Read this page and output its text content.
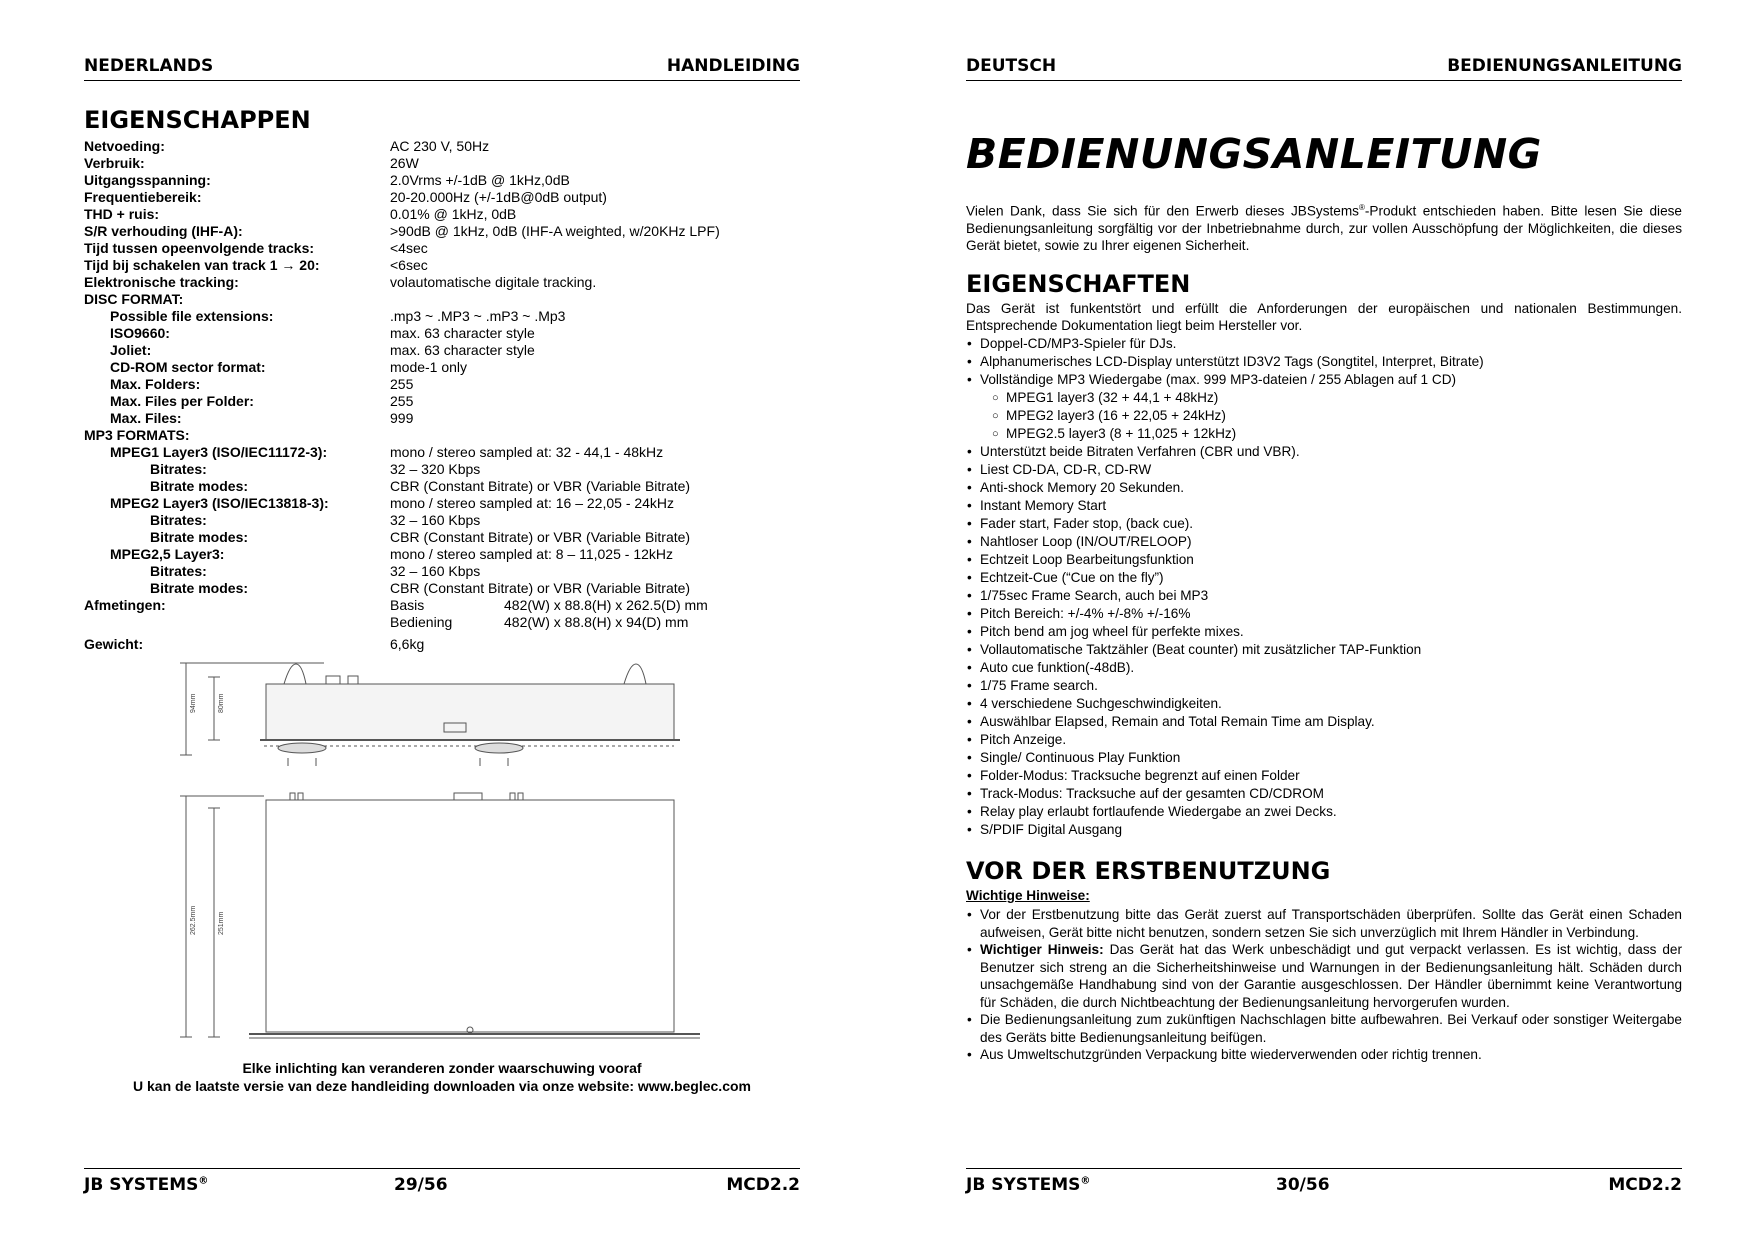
NEDERLANDS	HANDLEIDING
EIGENSCHAPPEN
Netvoeding:	AC 230 V, 50Hz
Verbruik:	26W
Uitgangsspanning:	2.0Vrms +/-1dB @ 1kHz,0dB
Frequentiebereik:	20-20.000Hz (+/-1dB@0dB output)
THD + ruis:	0.01% @ 1kHz, 0dB
S/R verhouding (IHF-A):	>90dB @ 1kHz, 0dB (IHF-A weighted, w/20KHz LPF)
Tijd tussen opeenvolgende tracks:	<4sec
Tijd bij schakelen van track 1 → 20:	<6sec
Elektronische tracking:	volautomatische digitale tracking.
DISC FORMAT:
Possible file extensions:	.mp3 ~ .MP3 ~ .mP3 ~ .Mp3
ISO9660:	max. 63 character style
Joliet:	max. 63 character style
CD-ROM sector format:	mode-1 only
Max. Folders:	255
Max. Files per Folder:	255
Max. Files:	999
MP3 FORMATS:
MPEG1 Layer3 (ISO/IEC11172-3):	mono / stereo sampled at: 32 - 44,1 - 48kHz
Bitrates:	32 – 320 Kbps
Bitrate modes:	CBR (Constant Bitrate) or VBR (Variable Bitrate)
MPEG2 Layer3 (ISO/IEC13818-3):	mono / stereo sampled at: 16 – 22,05 - 24kHz
Bitrates:	32 – 160 Kbps
Bitrate modes:	CBR (Constant Bitrate) or VBR (Variable Bitrate)
MPEG2,5 Layer3:	mono / stereo sampled at: 8 – 11,025 - 12kHz
Bitrates:	32 – 160 Kbps
Bitrate modes:	CBR (Constant Bitrate) or VBR (Variable Bitrate)
Afmetingen:	Basis	482(W) x 88.8(H) x 262.5(D) mm
Bediening	482(W) x 88.8(H) x 94(D) mm
Gewicht:	6,6kg
94mm	80mm
262.5mm	251mm
Elke inlichting kan veranderen zonder waarschuwing vooraf
U kan de laatste versie van deze handleiding downloaden via onze website: www.beglec.com
JB SYSTEMS®	29/56	MCD2.2
DEUTSCH	BEDIENUNGSANLEITUNG
BEDIENUNGSANLEITUNG
Vielen Dank, dass Sie sich für den Erwerb dieses JBSystems®-Produkt entschieden haben. Bitte lesen Sie diese Bedienungsanleitung sorgfältig vor der Inbetriebnahme durch, zur vollen Ausschöpfung der Möglichkeiten, die dieses Gerät bietet, sowie zu Ihrer eigenen Sicherheit.
EIGENSCHAFTEN
Das Gerät ist funkentstört und erfüllt die Anforderungen der europäischen und nationalen Bestimmungen. Entsprechende Dokumentation liegt beim Hersteller vor.
• Doppel-CD/MP3-Spieler für DJs.
• Alphanumerisches LCD-Display unterstützt ID3V2 Tags (Songtitel, Interpret, Bitrate)
• Vollständige MP3 Wiedergabe (max. 999 MP3-dateien / 255 Ablagen auf 1 CD)
○ MPEG1 layer3 (32 + 44,1 + 48kHz)
○ MPEG2 layer3 (16 + 22,05 + 24kHz)
○ MPEG2.5 layer3 (8 + 11,025 + 12kHz)
• Unterstützt beide Bitraten Verfahren (CBR und VBR).
• Liest CD-DA, CD-R, CD-RW
• Anti-shock Memory 20 Sekunden.
• Instant Memory Start
• Fader start, Fader stop, (back cue).
• Nahtloser Loop (IN/OUT/RELOOP)
• Echtzeit Loop Bearbeitungsfunktion
• Echtzeit-Cue (“Cue on the fly”)
• 1/75sec Frame Search, auch bei MP3
• Pitch Bereich: +/-4% +/-8% +/-16%
• Pitch bend am jog wheel für perfekte mixes.
• Vollautomatische Taktzähler (Beat counter) mit zusätzlicher TAP-Funktion
• Auto cue funktion(-48dB).
• 1/75 Frame search.
• 4 verschiedene Suchgeschwindigkeiten.
• Auswählbar Elapsed, Remain and Total Remain Time am Display.
• Pitch Anzeige.
• Single/ Continuous Play Funktion
• Folder-Modus: Tracksuche begrenzt auf einen Folder
• Track-Modus: Tracksuche auf der gesamten CD/CDROM
• Relay play erlaubt fortlaufende Wiedergabe an zwei Decks.
• S/PDIF Digital Ausgang
VOR DER ERSTBENUTZUNG
Wichtige Hinweise:
• Vor der Erstbenutzung bitte das Gerät zuerst auf Transportschäden überprüfen. Sollte das Gerät einen Schaden aufweisen, Gerät bitte nicht benutzen, sondern setzen Sie sich unverzüglich mit Ihrem Händler in Verbindung.
• Wichtiger Hinweis: Das Gerät hat das Werk unbeschädigt und gut verpackt verlassen. Es ist wichtig, dass der Benutzer sich streng an die Sicherheitshinweise und Warnungen in der Bedienungsanleitung hält. Schäden durch unsachgemäße Handhabung sind von der Garantie ausgeschlossen. Der Händler übernimmt keine Verantwortung für Schäden, die durch Nichtbeachtung der Bedienungsanleitung hervorgerufen wurden.
• Die Bedienungsanleitung zum zukünftigen Nachschlagen bitte aufbewahren. Bei Verkauf oder sonstiger Weitergabe des Geräts bitte Bedienungsanleitung beifügen.
• Aus Umweltschutzgründen Verpackung bitte wiederverwenden oder richtig trennen.
JB SYSTEMS®	30/56	MCD2.2
